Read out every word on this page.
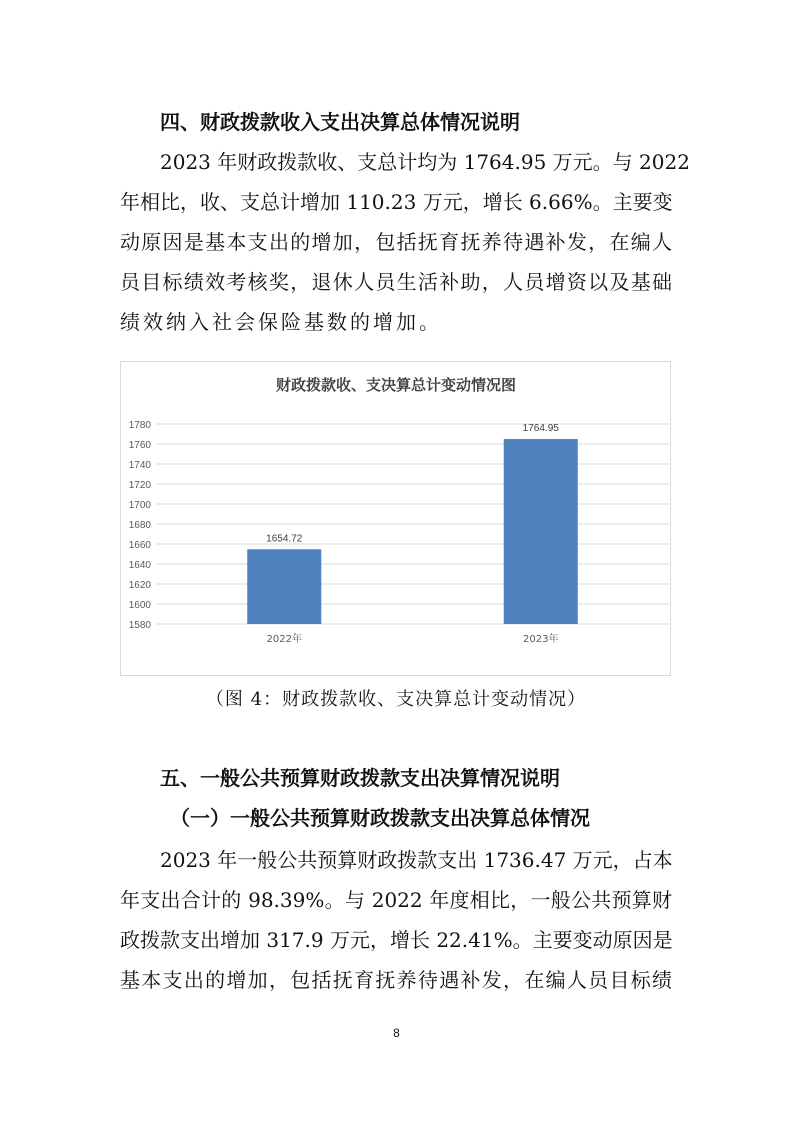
四、财政拨款收入支出决算总体情况说明
2023 年财政拨款收、支总计均为 1764.95 万元。与 2022
年相比，收、支总计增加 110.23 万元，增长 6.66%。主要变
动原因是基本支出的增加，包括抚育抚养待遇补发，在编人
员目标绩效考核奖，退休人员生活补助，人员增资以及基础
绩效纳入社会保险基数的增加。
财政拨款收、支决算总计变动情况图
1580
1600
1620
1640
1660
1680
1700
1720
1740
1760
1780
1654.72
2022年
1764.95
2023年
（图 4：财政拨款收、支决算总计变动情况）
五、一般公共预算财政拨款支出决算情况说明
（一）一般公共预算财政拨款支出决算总体情况
2023 年一般公共预算财政拨款支出 1736.47 万元，占本
年支出合计的 98.39%。与 2022 年度相比，一般公共预算财
政拨款支出增加 317.9 万元，增长 22.41%。主要变动原因是
基本支出的增加，包括抚育抚养待遇补发，在编人员目标绩
8
